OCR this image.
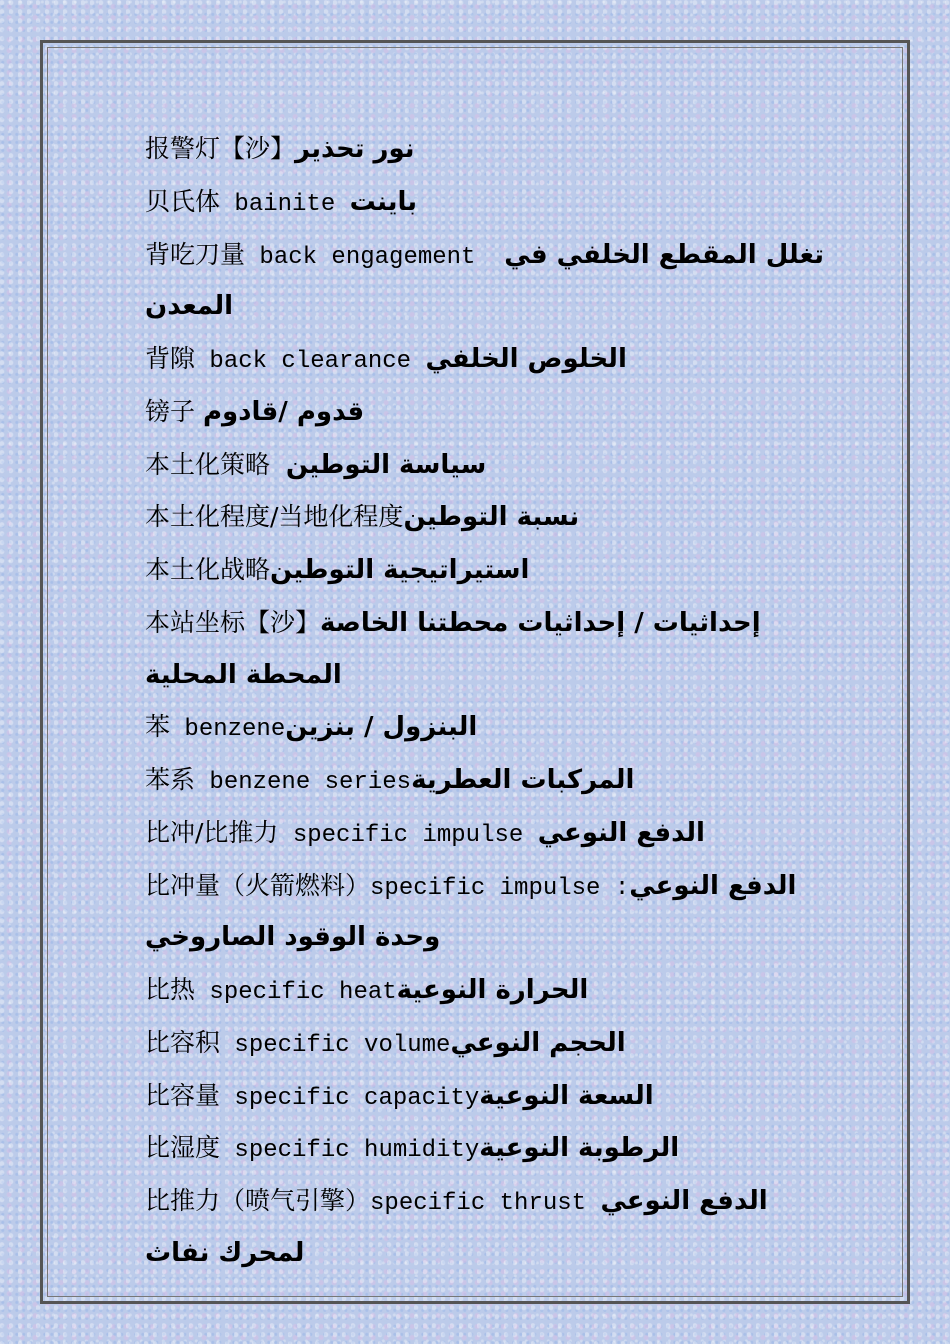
报警灯【沙】نور تحذير
贝氏体 bainite باينت
背吃刀量 back engagement  تغلل المقطع الخلفي في المعدن
背隙 back clearance الخلوص الخلفي
镑子 قدوم /قادوم
本土化策略  سياسة التوطين
本土化程度/当地化程度نسبة التوطين
本土化战略استيراتيجية التوطين
本站坐标【沙】إحداثيات / إحداثيات محطتنا الخاصة المحطة المحلية
苯 benzeneالبنزول / بنزين
苯系 benzene seriesالمركبات العطرية
比冲/比推力 specific impulse الدفع النوعي
比冲量（火箭燃料）specific impulse :الدفع النوعي وحدة الوقود الصاروخي
比热 specific heatالحرارة النوعية
比容积 specific volumeالحجم النوعي
比容量 specific capacityالسعة النوعية
比湿度 specific humidityالرطوبة النوعية
比推力（喷气引擎）specific thrust الدفع النوعي لمحرك نفاث
